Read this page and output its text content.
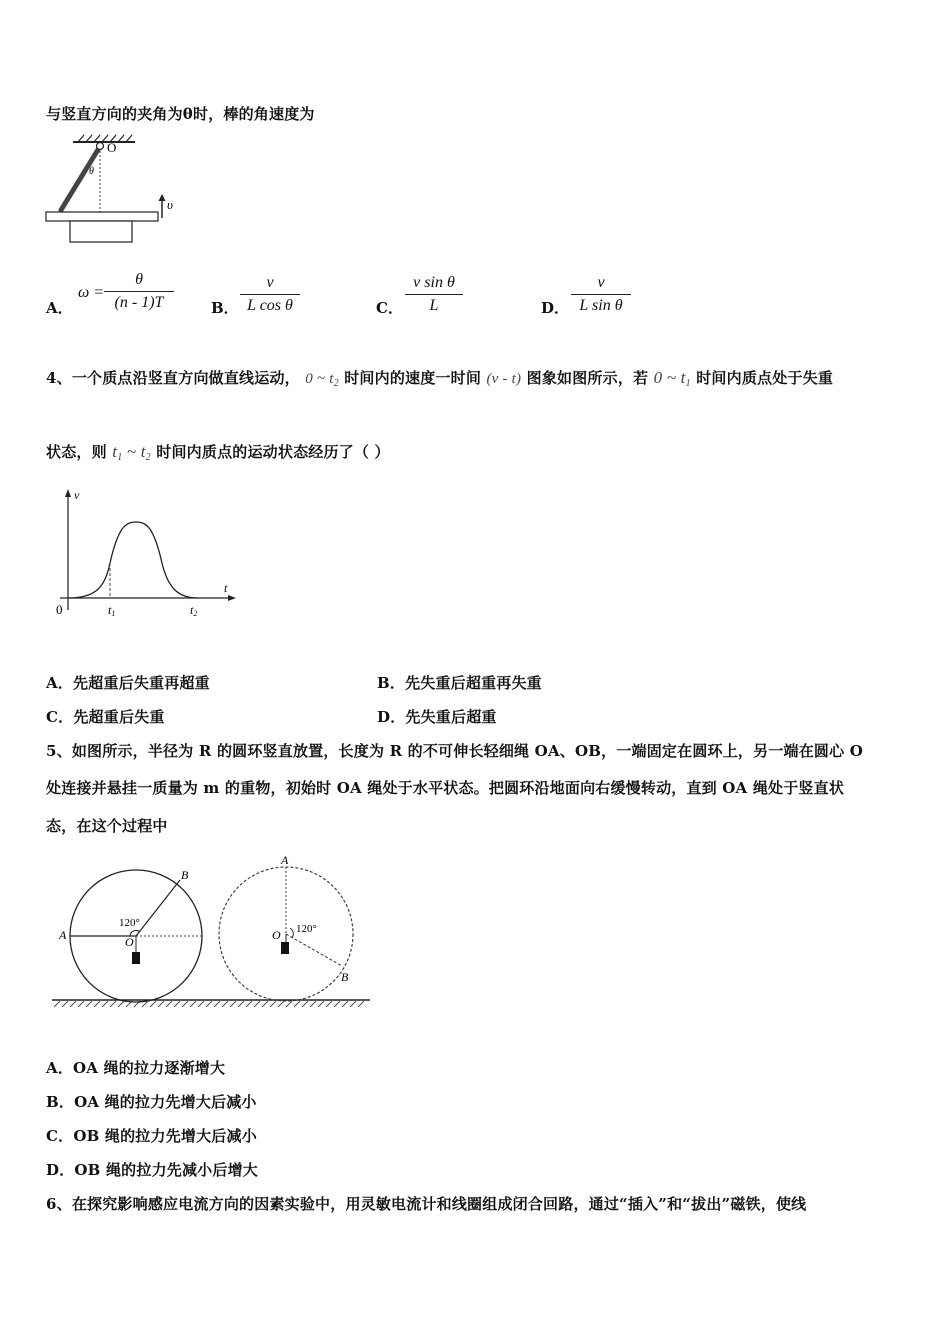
与竖直方向的夹角为θ时，棒的角速度为
O
θ
υ
A．
$\omega = \frac{\theta}{(n - 1)T}$ B． $\frac{v}{\text{L cos θ}}$	C． $\frac{\text{v sin θ}}{L}$	D． $\frac{v}{\text{L sin θ}}$
4、一个质点沿竖直方向做直线运动， 0 ~ $t_2$ 时间内的速度一时间 (v - t) 图象如图所示，若 0 ~ $t_1$ 时间内质点处于失重
状态，则 $t_1$ ~ $t_2$ 时间内质点的运动状态经历了（ ）
v
t
0	t1	t2
A．先超重后失重再超重	B．先失重后超重再失重
C．先超重后失重	D．先失重后超重
5、如图所示，半径为 R 的圆环竖直放置，长度为 R 的不可伸长轻细绳 OA、OB，一端固定在圆环上，另一端在圆心 O
处连接并悬挂一质量为 m 的重物，初始时 OA 绳处于水平状态。把圆环沿地面向右缓慢转动，直到 OA 绳处于竖直状
态，在这个过程中
A
B
O
120°
A
B
O 120°
A．OA 绳的拉力逐渐增大
B．OA 绳的拉力先增大后减小
C．OB 绳的拉力先增大后减小
D．OB 绳的拉力先减小后增大
6、在探究影响感应电流方向的因素实验中，用灵敏电流计和线圈组成闭合回路，通过“插入”和“拔出”磁铁，使线
